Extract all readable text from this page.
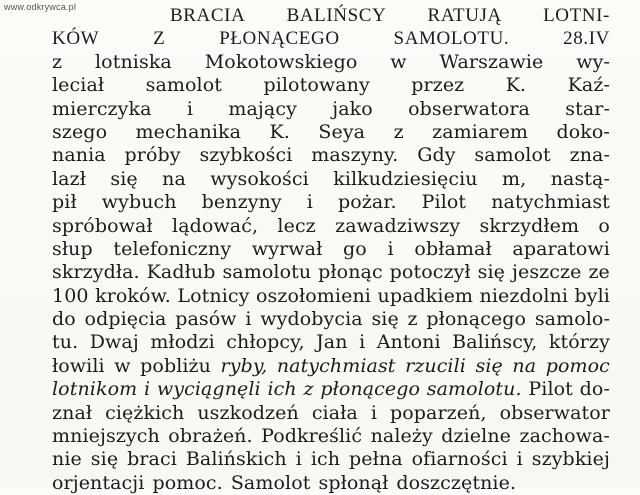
www.odkrywca.pl	BRACIA BALIŃSCY RATUJĄ LOTNI-
KÓW	Z	PŁONĄCEGO	SAMOLOTU.	28.IV
z lotniska Mokotowskiego w Warszawie wy-
leciał samolot pilotowany przez K. Kaź-
mierczyka i mający jako obserwatora star-
szego mechanika K. Seya z zamiarem doko-
nania próby szybkości maszyny. Gdy samolot zna-
lazł się na wysokości kilkudziesięciu m, nastą-
pił wybuch benzyny i pożar. Pilot natychmiast
spróbował lądować, lecz zawadziwszy skrzydłem o
słup telefoniczny wyrwał go i obłamał aparatowi
skrzydła. Kadłub samolotu płonąc potoczył się jeszcze ze
100 kroków. Lotnicy oszołomieni upadkiem niezdolni byli
do odpięcia pasów i wydobycia się z płonącego samolo-
tu. Dwaj młodzi chłopcy, Jan i Antoni Balińscy, którzy
łowili w pobliżu ryby, natychmiast rzucili się na pomoc
lotnikom i wyciągnęli ich z płonącego samolotu. Pilot do-
znał ciężkich uszkodzeń ciała i poparzeń, obserwator
mniejszych obrażeń. Podkreślić należy dzielne zachowa-
nie się braci Balińskich i ich pełna ofiarności i szybkiej
orjentacji pomoc. Samolot spłonął doszczętnie.
